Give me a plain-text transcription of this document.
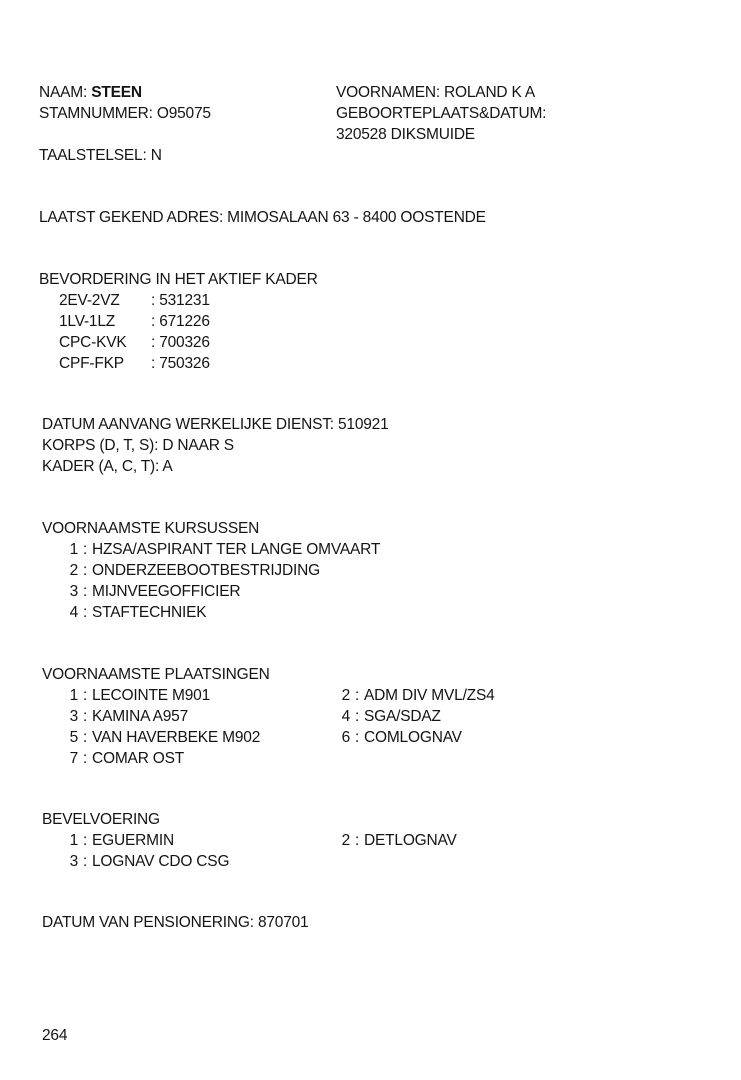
NAAM: STEEN
STAMNUMMER: O95075
TAALSTELSEL: N
VOORNAMEN: ROLAND K A
GEBOORTEPLAATS&DATUM:
320528 DIKSMUIDE
LAATST GEKEND ADRES: MIMOSALAAN 63 - 8400 OOSTENDE
BEVORDERING IN HET AKTIEF KADER
2EV-2VZ : 531231
1LV-1LZ : 671226
CPC-KVK : 700326
CPF-FKP : 750326
DATUM AANVANG WERKELIJKE DIENST: 510921
KORPS (D, T, S): D NAAR S
KADER (A, C, T): A
VOORNAAMSTE KURSUSSEN
1 : HZSA/ASPIRANT TER LANGE OMVAART
2 : ONDERZEEBOOTBESTRIJDING
3 : MIJNVEEGOFFICIER
4 : STAFTECHNIEK
VOORNAAMSTE PLAATSINGEN
1 : LECOINTE M901	2 : ADM DIV MVL/ZS4
3 : KAMINA A957	4 : SGA/SDAZ
5 : VAN HAVERBEKE M902	6 : COMLOGNAV
7 : COMAR OST
BEVELVOERING
1 : EGUERMIN	2 : DETLOGNAV
3 : LOGNAV CDO CSG
DATUM VAN PENSIONERING: 870701
264
